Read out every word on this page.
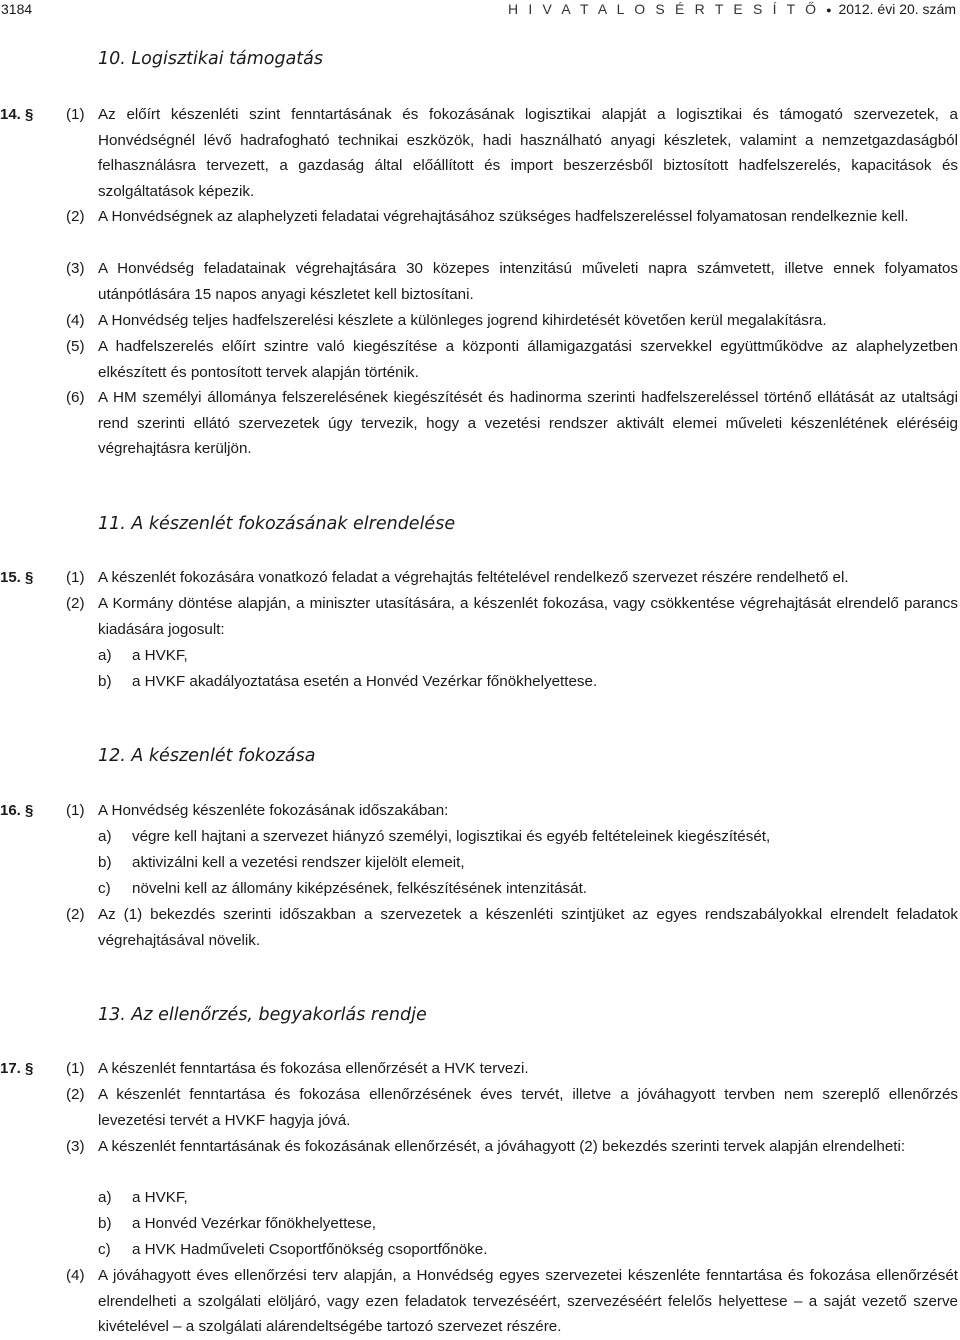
3184	H I V A T A L O S É R T E S Í T Ő ● 2012. évi 20. szám
10. Logisztikai támogatás
14. § (1) Az előírt készenléti szint fenntartásának és fokozásának logisztikai alapját a logisztikai és támogató szervezetek, a Honvédségnél lévő hadrafogható technikai eszközök, hadi használható anyagi készletek, valamint a nemzetgazdaságból felhasználásra tervezett, a gazdaság által előállított és import beszerzésből biztosított hadfelszerelés, kapacitások és szolgáltatások képezik.
(2) A Honvédségnek az alaphelyzeti feladatai végrehajtásához szükséges hadfelszereléssel folyamatosan rendelkeznie kell.
(3) A Honvédség feladatainak végrehajtására 30 közepes intenzitású műveleti napra számvetett, illetve ennek folyamatos utánpótlására 15 napos anyagi készletet kell biztosítani.
(4) A Honvédség teljes hadfelszerelési készlete a különleges jogrend kihirdetését követően kerül megalakításra.
(5) A hadfelszerelés előírt szintre való kiegészítése a központi államigazgatási szervekkel együttműködve az alaphelyzetben elkészített és pontosított tervek alapján történik.
(6) A HM személyi állománya felszerelésének kiegészítését és hadinorma szerinti hadfelszereléssel történő ellátását az utaltsági rend szerinti ellátó szervezetek úgy tervezik, hogy a vezetési rendszer aktivált elemei műveleti készenlétének eléréséig végrehajtásra kerüljön.
11. A készenlét fokozásának elrendelése
15. § (1) A készenlét fokozására vonatkozó feladat a végrehajtás feltételével rendelkező szervezet részére rendelhető el.
(2) A Kormány döntése alapján, a miniszter utasítására, a készenlét fokozása, vagy csökkentése végrehajtását elrendelő parancs kiadására jogosult:
a) a HVKF,
b) a HVKF akadályoztatása esetén a Honvéd Vezérkar főnökhelyettese.
12. A készenlét fokozása
16. § (1) A Honvédség készenléte fokozásának időszakában:
a) végre kell hajtani a szervezet hiányzó személyi, logisztikai és egyéb feltételeinek kiegészítését,
b) aktivizálni kell a vezetési rendszer kijelölt elemeit,
c) növelni kell az állomány kiképzésének, felkészítésének intenzitását.
(2) Az (1) bekezdés szerinti időszakban a szervezetek a készenléti szintjüket az egyes rendszabályokkal elrendelt feladatok végrehajtásával növelik.
13. Az ellenőrzés, begyakorlás rendje
17. § (1) A készenlét fenntartása és fokozása ellenőrzését a HVK tervezi.
(2) A készenlét fenntartása és fokozása ellenőrzésének éves tervét, illetve a jóváhagyott tervben nem szereplő ellenőrzés levezetési tervét a HVKF hagyja jóvá.
(3) A készenlét fenntartásának és fokozásának ellenőrzését, a jóváhagyott (2) bekezdés szerinti tervek alapján elrendelheti:
a) a HVKF,
b) a Honvéd Vezérkar főnökhelyettese,
c) a HVK Hadműveleti Csoportfőnökség csoportfőnöke.
(4) A jóváhagyott éves ellenőrzési terv alapján, a Honvédség egyes szervezetei készenléte fenntartása és fokozása ellenőrzését elrendelheti a szolgálati elöljáró, vagy ezen feladatok tervezéséért, szervezéséért felelős helyettese – a saját vezető szerve kivételével – a szolgálati alárendeltségébe tartozó szervezet részére.
